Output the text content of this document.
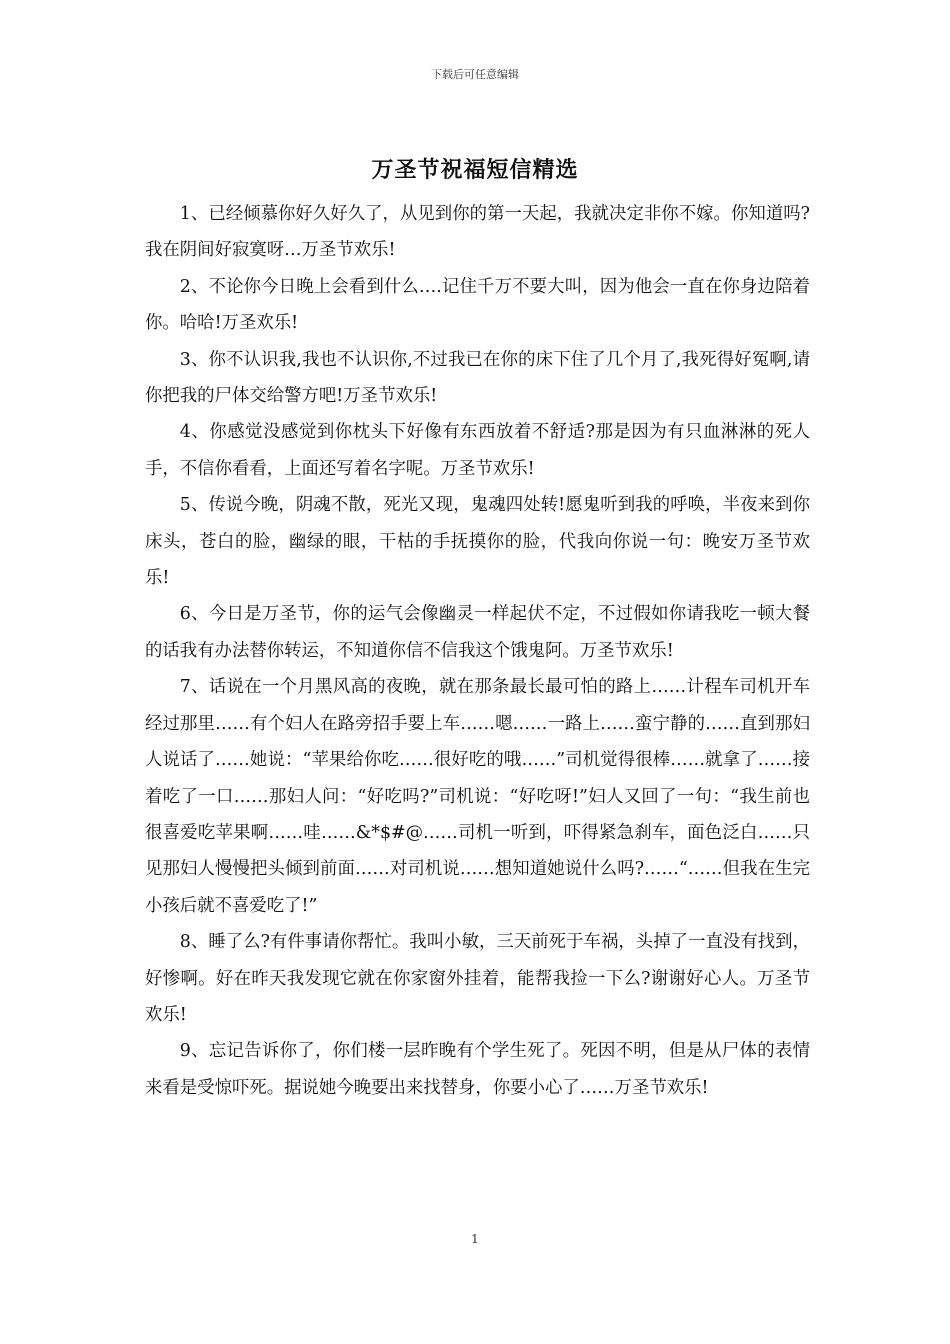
下载后可任意编辑
万圣节祝福短信精选

1、已经倾慕你好久好久了，从见到你的第一天起，我就决定非你不嫁。你知道吗?我在阴间好寂寞呀…万圣节欢乐!

2、不论你今日晚上会看到什么….记住千万不要大叫，因为他会一直在你身边陪着你。哈哈!万圣欢乐!

3、你不认识我,我也不认识你,不过我已在你的床下住了几个月了,我死得好冤啊,请你把我的尸体交给警方吧!万圣节欢乐!

4、你感觉没感觉到你枕头下好像有东西放着不舒适?那是因为有只血淋淋的死人手，不信你看看，上面还写着名字呢。万圣节欢乐!

5、传说今晚，阴魂不散，死光又现，鬼魂四处转!愿鬼听到我的呼唤，半夜来到你床头，苍白的脸，幽绿的眼，干枯的手抚摸你的脸，代我向你说一句：晚安万圣节欢乐!

6、今日是万圣节，你的运气会像幽灵一样起伏不定，不过假如你请我吃一顿大餐的话我有办法替你转运，不知道你信不信我这个饿鬼阿。万圣节欢乐!

7、话说在一个月黑风高的夜晚，就在那条最长最可怕的路上……计程车司机开车经过那里……有个妇人在路旁招手要上车……嗯……一路上……蛮宁静的……直到那妇人说话了……她说：“苹果给你吃……很好吃的哦……”司机觉得很棒……就拿了……接着吃了一口……那妇人问：“好吃吗?”司机说：“好吃呀!”妇人又回了一句：“我生前也很喜爱吃苹果啊……哇……&*$#@……司机一听到，吓得紧急刹车，面色泛白……只见那妇人慢慢把头倾到前面……对司机说……想知道她说什么吗?……“……但我在生完小孩后就不喜爱吃了!”

8、睡了么?有件事请你帮忙。我叫小敏，三天前死于车祸，头掉了一直没有找到，好惨啊。好在昨天我发现它就在你家窗外挂着，能帮我捡一下么?谢谢好心人。万圣节欢乐!

9、忘记告诉你了，你们楼一层昨晚有个学生死了。死因不明，但是从尸体的表情来看是受惊吓死。据说她今晚要出来找替身，你要小心了……万圣节欢乐!

1
